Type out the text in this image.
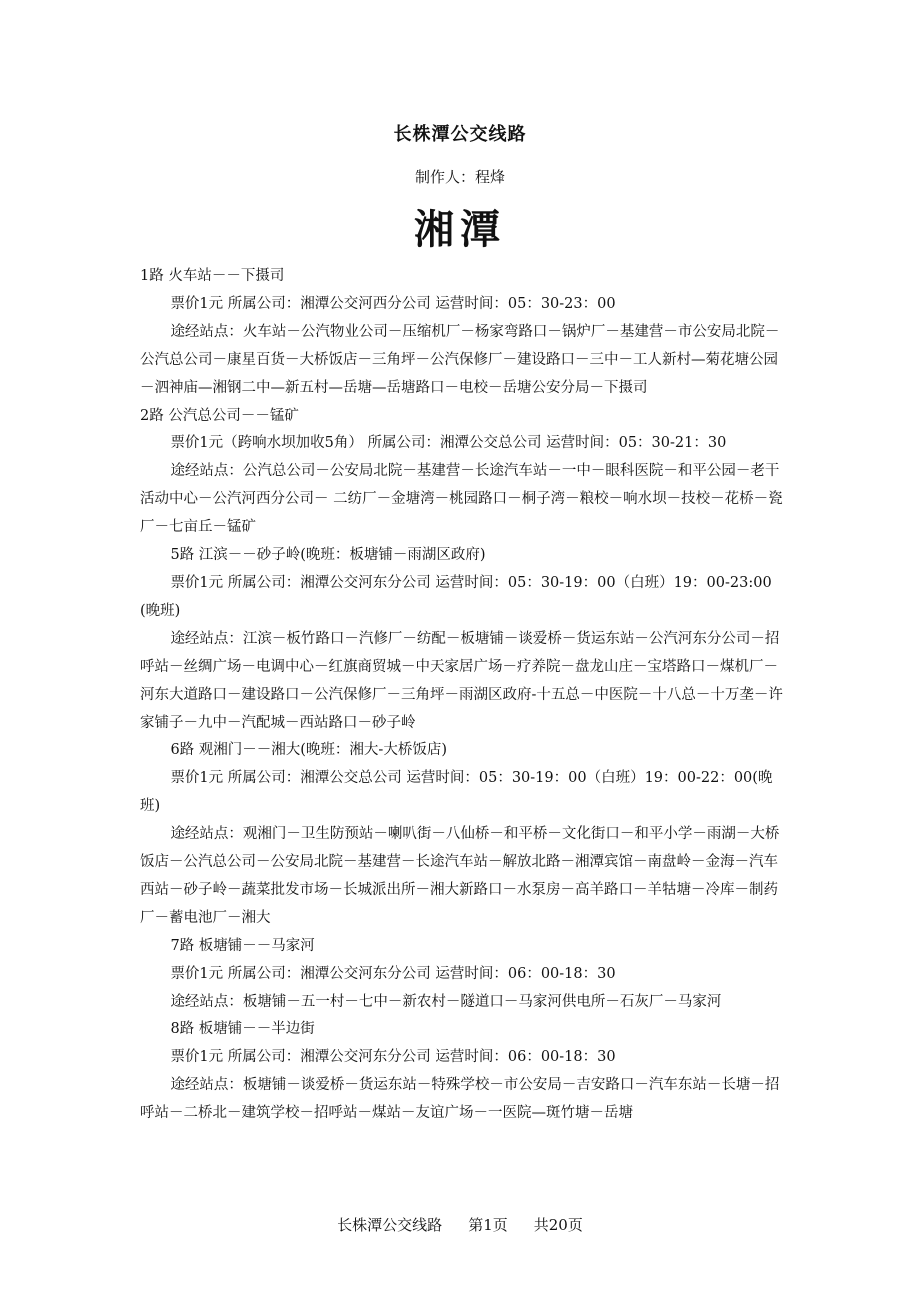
长株潭公交线路
制作人：程烽
湘潭

1路 火车站－－下摄司

票价1元 所属公司：湘潭公交河西分公司 运营时间：05：30-23：00

途经站点：火车站－公汽物业公司－压缩机厂－杨家弯路口－锅炉厂－基建营－市公安局北院－公汽总公司－康星百货－大桥饭店－三角坪－公汽保修厂－建设路口－三中－工人新村—菊花塘公园－泗神庙—湘钢二中—新五村—岳塘—岳塘路口－电校－岳塘公安分局－下摄司

2路 公汽总公司－－锰矿

票价1元（跨响水坝加收5角） 所属公司：湘潭公交总公司 运营时间：05：30-21：30

途经站点：公汽总公司－公安局北院－基建营－长途汽车站－一中－眼科医院－和平公园－老干活动中心－公汽河西分公司－ 二纺厂－金塘湾－桃园路口－桐子湾－粮校－响水坝－技校－花桥－瓷厂－七亩丘－锰矿

5路 江滨－－砂子岭(晚班：板塘铺－雨湖区政府)

票价1元 所属公司：湘潭公交河东分公司 运营时间：05：30-19：00（白班）19：00-23:00(晚班)

途经站点：江滨－板竹路口－汽修厂－纺配－板塘铺－谈爱桥－货运东站－公汽河东分公司－招呼站－丝绸广场－电调中心－红旗商贸城－中天家居广场－疗养院－盘龙山庄－宝塔路口－煤机厂－河东大道路口－建设路口－公汽保修厂－三角坪－雨湖区政府-十五总－中医院－十八总－十万垄－许家铺子－九中－汽配城－西站路口－砂子岭

6路 观湘门－－湘大(晚班：湘大-大桥饭店)

票价1元 所属公司：湘潭公交总公司 运营时间：05：30-19：00（白班）19：00-22：00(晚班)

途经站点：观湘门－卫生防预站－喇叭街－八仙桥－和平桥－文化街口－和平小学－雨湖－大桥饭店－公汽总公司－公安局北院－基建营－长途汽车站－解放北路－湘潭宾馆－南盘岭－金海－汽车西站－砂子岭－蔬菜批发市场－长城派出所－湘大新路口－水泵房－高羊路口－羊牯塘－冷库－制药厂－蓄电池厂－湘大

7路 板塘铺－－马家河

票价1元 所属公司：湘潭公交河东分公司 运营时间：06：00-18：30

途经站点：板塘铺－五一村－七中－新农村－隧道口－马家河供电所－石灰厂－马家河

8路 板塘铺－－半边街

票价1元 所属公司：湘潭公交河东分公司 运营时间：06：00-18：30

途经站点：板塘铺－谈爱桥－货运东站－特殊学校－市公安局－吉安路口－汽车东站－长塘－招呼站－二桥北－建筑学校－招呼站－煤站－友谊广场－一医院—斑竹塘－岳塘

长株潭公交线路 第1页 共20页
